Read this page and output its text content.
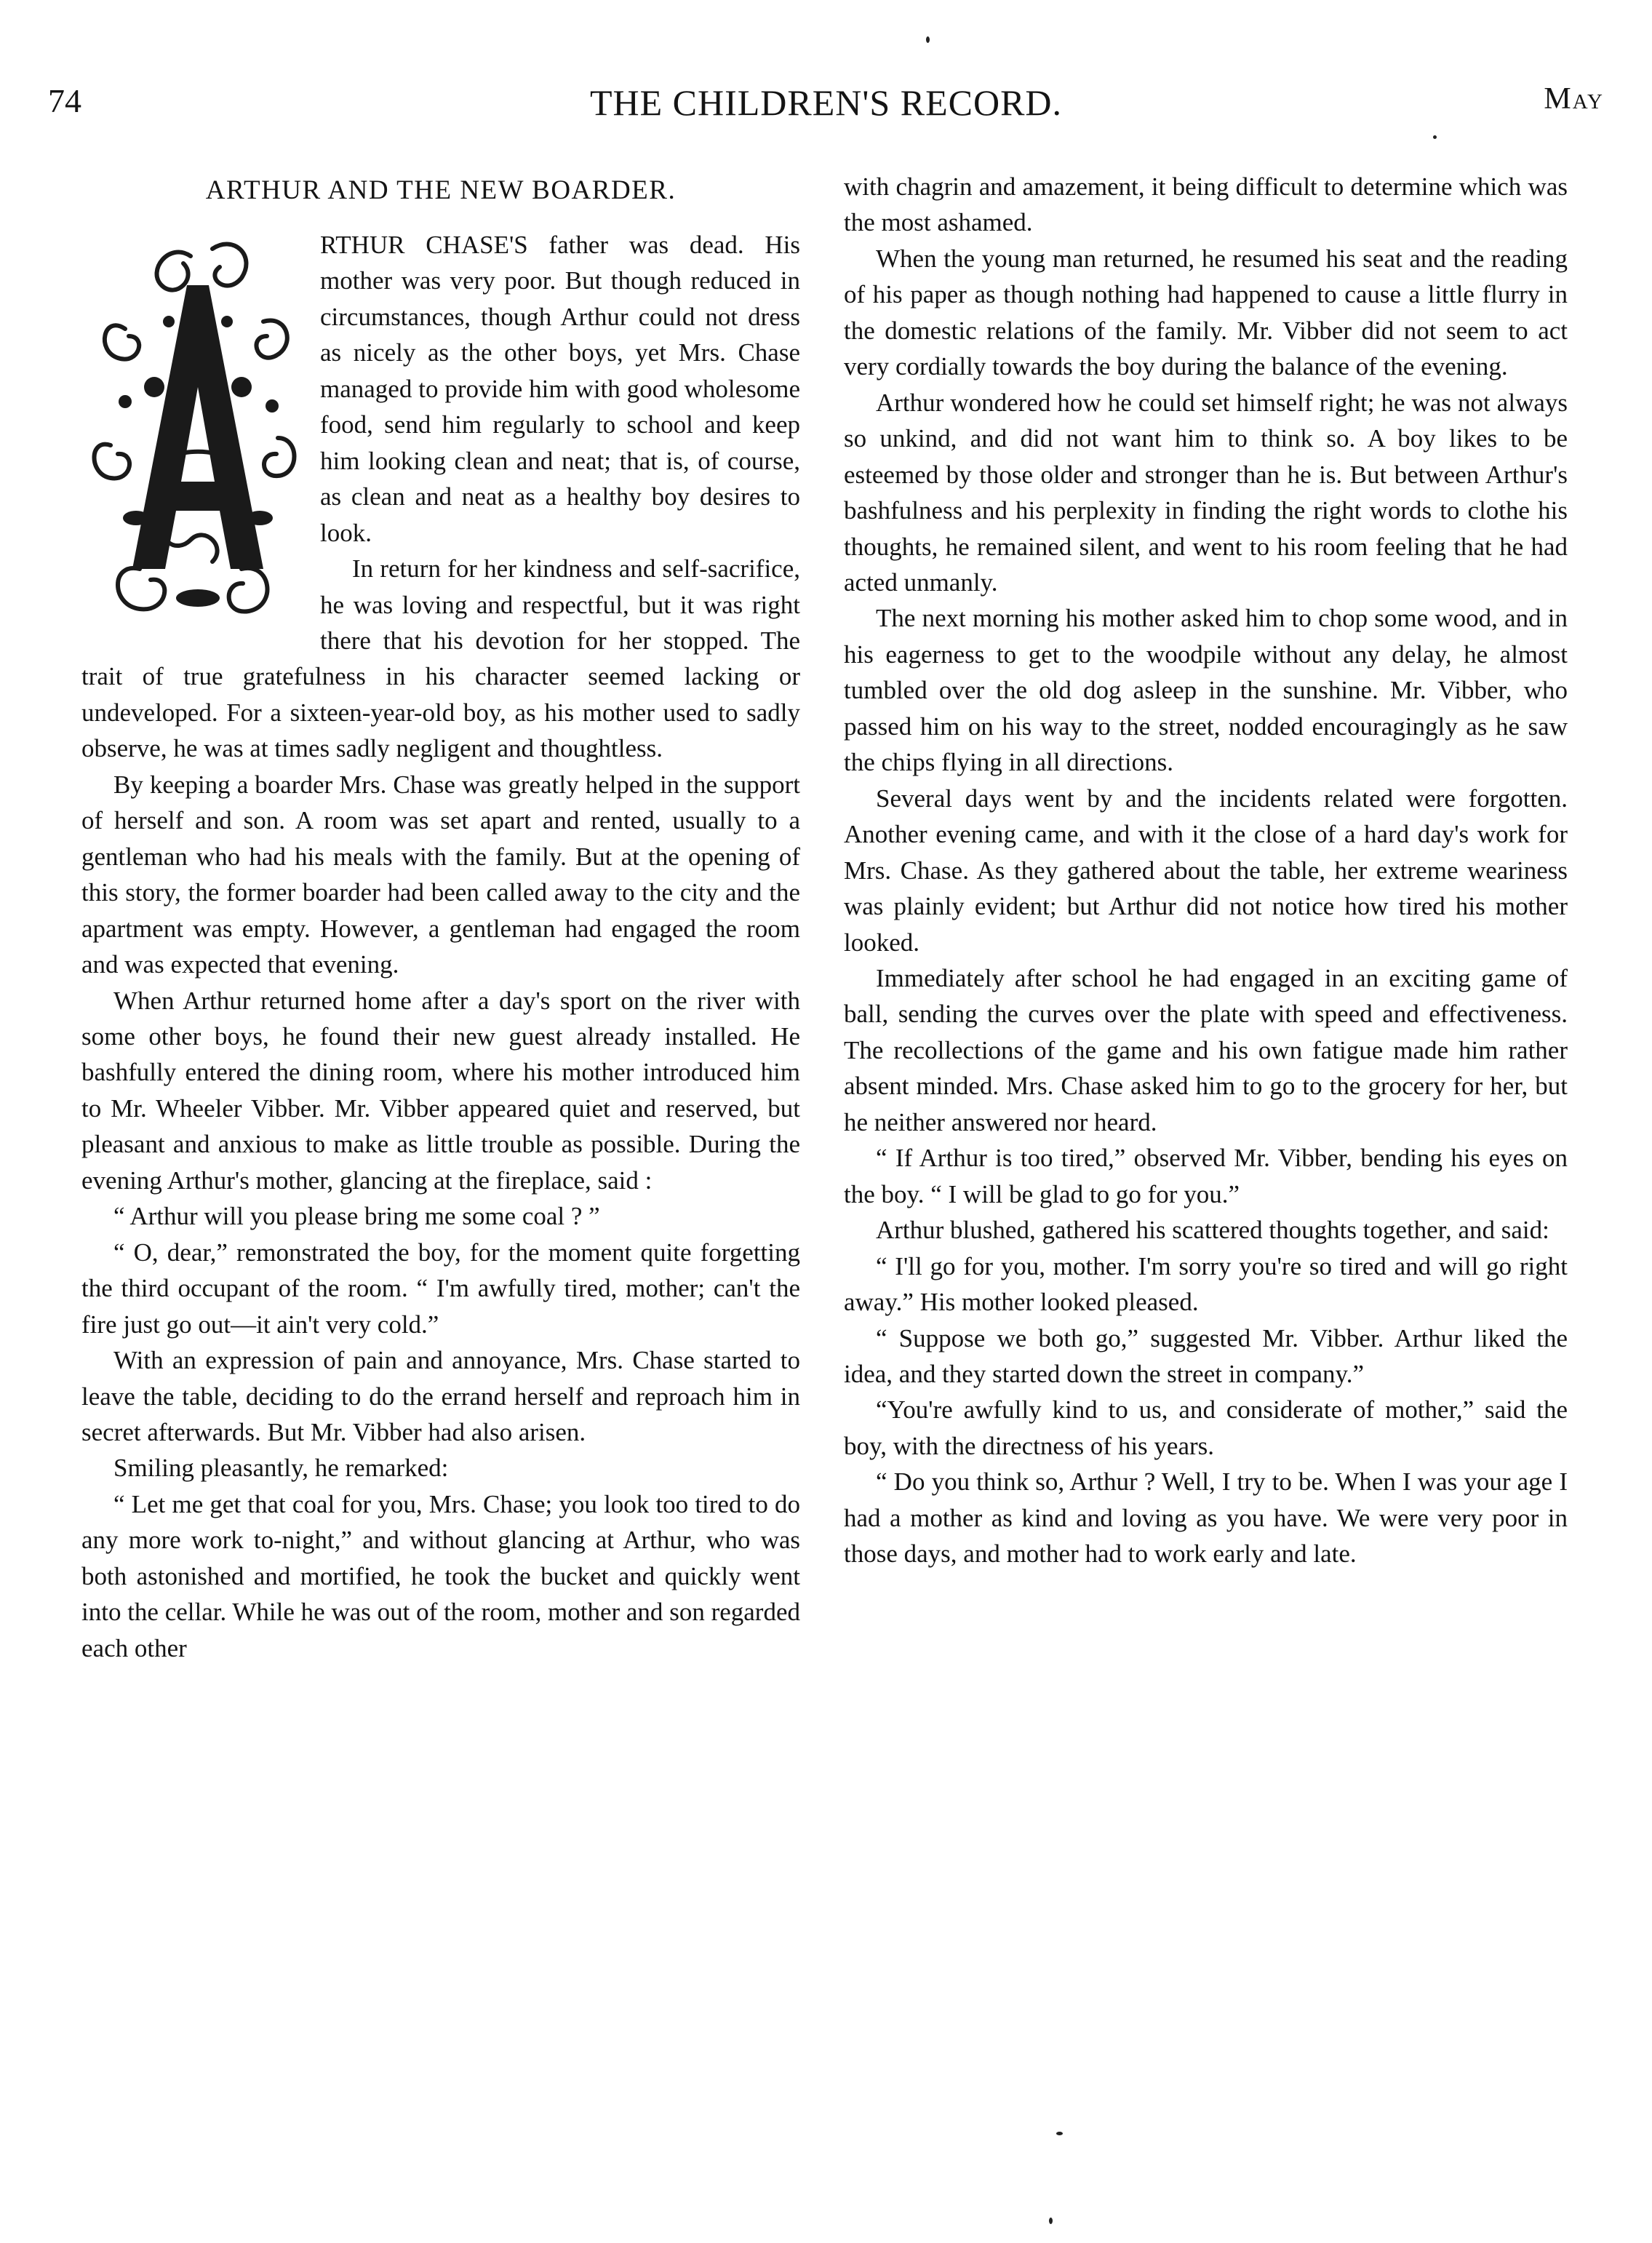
74	THE CHILDREN'S RECORD.	May
ARTHUR AND THE NEW BOARDER.

RTHUR CHASE'S father was dead. His mother was very poor. But though reduced in circumstances, though Arthur could not dress as nicely as the other boys, yet Mrs. Chase managed to provide him with good wholesome food, send him regularly to school and keep him looking clean and neat; that is, of course, as clean and neat as a healthy boy desires to look.

In return for her kindness and self-sacrifice, he was loving and respectful, but it was right there that his devotion for her stopped. The trait of true gratefulness in his character seemed lacking or undeveloped. For a sixteen-year-old boy, as his mother used to sadly observe, he was at times sadly negligent and thoughtless.

By keeping a boarder Mrs. Chase was greatly helped in the support of herself and son. A room was set apart and rented, usually to a gentleman who had his meals with the family. But at the opening of this story, the former boarder had been called away to the city and the apartment was empty. However, a gentleman had engaged the room and was expected that evening.

When Arthur returned home after a day's sport on the river with some other boys, he found their new guest already installed. He bashfully entered the dining room, where his mother introduced him to Mr. Wheeler Vibber. Mr. Vibber appeared quiet and reserved, but pleasant and anxious to make as little trouble as possible. During the evening Arthur's mother, glancing at the fireplace, said :

“ Arthur will you please bring me some coal ? ”

“ O, dear,” remonstrated the boy, for the moment quite forgetting the third occupant of the room. “ I'm awfully tired, mother; can't the fire just go out—it ain't very cold.”

With an expression of pain and annoyance, Mrs. Chase started to leave the table, deciding to do the errand herself and reproach him in secret afterwards. But Mr. Vibber had also arisen.

Smiling pleasantly, he remarked:

“ Let me get that coal for you, Mrs. Chase; you look too tired to do any more work to-night,” and without glancing at Arthur, who was both astonished and mortified, he took the bucket and quickly went into the cellar. While he was out of the room, mother and son regarded each other

with chagrin and amazement, it being difficult to determine which was the most ashamed.

When the young man returned, he resumed his seat and the reading of his paper as though nothing had happened to cause a little flurry in the domestic relations of the family. Mr. Vibber did not seem to act very cordially towards the boy during the balance of the evening.

Arthur wondered how he could set himself right; he was not always so unkind, and did not want him to think so. A boy likes to be esteemed by those older and stronger than he is. But between Arthur's bashfulness and his perplexity in finding the right words to clothe his thoughts, he remained silent, and went to his room feeling that he had acted unmanly.

The next morning his mother asked him to chop some wood, and in his eagerness to get to the woodpile without any delay, he almost tumbled over the old dog asleep in the sunshine. Mr. Vibber, who passed him on his way to the street, nodded encouragingly as he saw the chips flying in all directions.

Several days went by and the incidents related were forgotten. Another evening came, and with it the close of a hard day's work for Mrs. Chase. As they gathered about the table, her extreme weariness was plainly evident; but Arthur did not notice how tired his mother looked.

Immediately after school he had engaged in an exciting game of ball, sending the curves over the plate with speed and effectiveness. The recollections of the game and his own fatigue made him rather absent minded. Mrs. Chase asked him to go to the grocery for her, but he neither answered nor heard.

“ If Arthur is too tired,” observed Mr. Vibber, bending his eyes on the boy. “ I will be glad to go for you.”

Arthur blushed, gathered his scattered thoughts together, and said:

“ I'll go for you, mother. I'm sorry you're so tired and will go right away.” His mother looked pleased.

“ Suppose we both go,” suggested Mr. Vibber. Arthur liked the idea, and they started down the street in company.”

“You're awfully kind to us, and considerate of mother,” said the boy, with the directness of his years.

“ Do you think so, Arthur ? Well, I try to be. When I was your age I had a mother as kind and loving as you have. We were very poor in those days, and mother had to work early and late.
